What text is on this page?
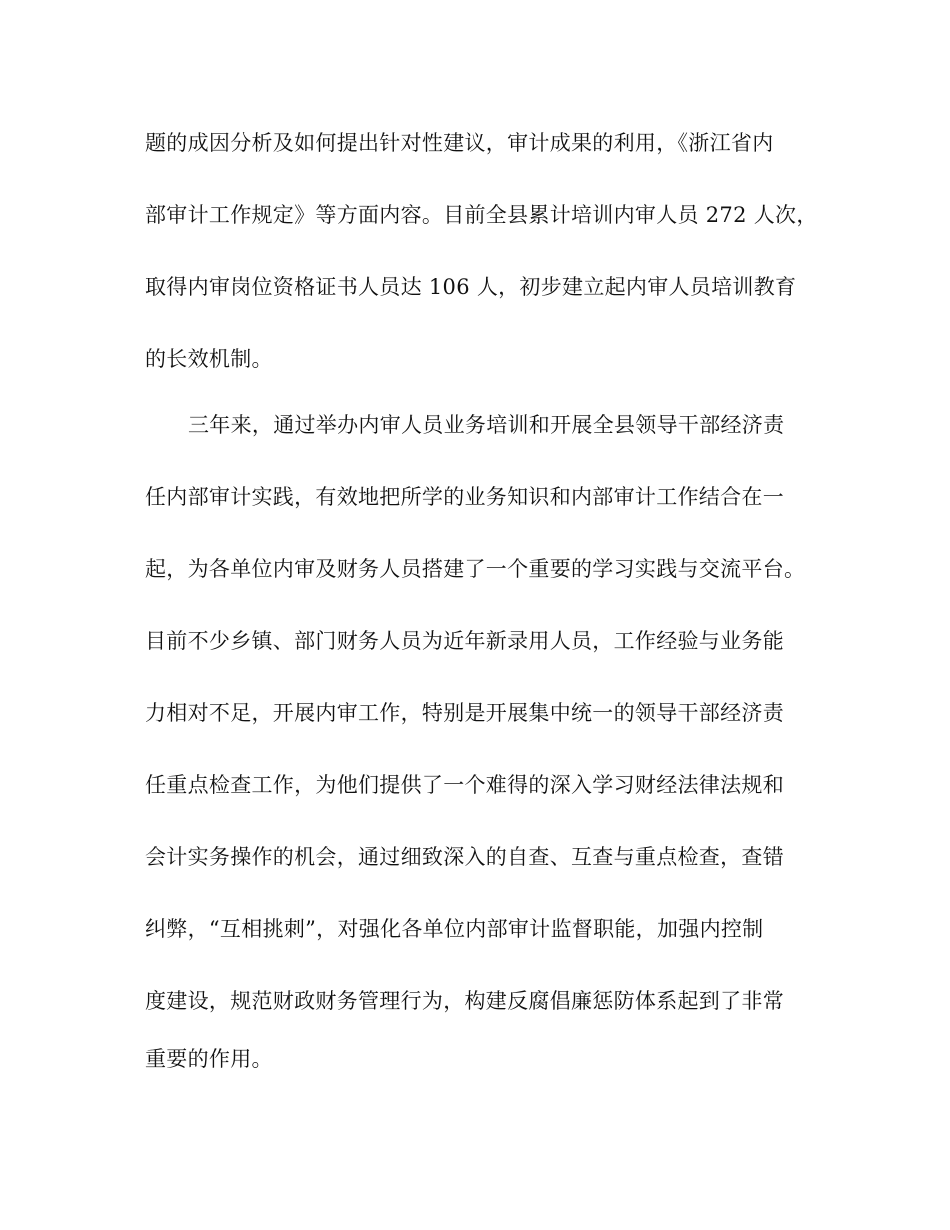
题的成因分析及如何提出针对性建议，审计成果的利用，《浙江省内
部审计工作规定》等方面内容。目前全县累计培训内审人员 272 人次，
取得内审岗位资格证书人员达 106 人，初步建立起内审人员培训教育
的长效机制。
三年来，通过举办内审人员业务培训和开展全县领导干部经济责
任内部审计实践，有效地把所学的业务知识和内部审计工作结合在一
起，为各单位内审及财务人员搭建了一个重要的学习实践与交流平台。
目前不少乡镇、部门财务人员为近年新录用人员，工作经验与业务能
力相对不足，开展内审工作，特别是开展集中统一的领导干部经济责
任重点检查工作，为他们提供了一个难得的深入学习财经法律法规和
会计实务操作的机会，通过细致深入的自查、互查与重点检查，查错
纠弊，“互相挑刺”，对强化各单位内部审计监督职能，加强内控制
度建设，规范财政财务管理行为，构建反腐倡廉惩防体系起到了非常
重要的作用。
